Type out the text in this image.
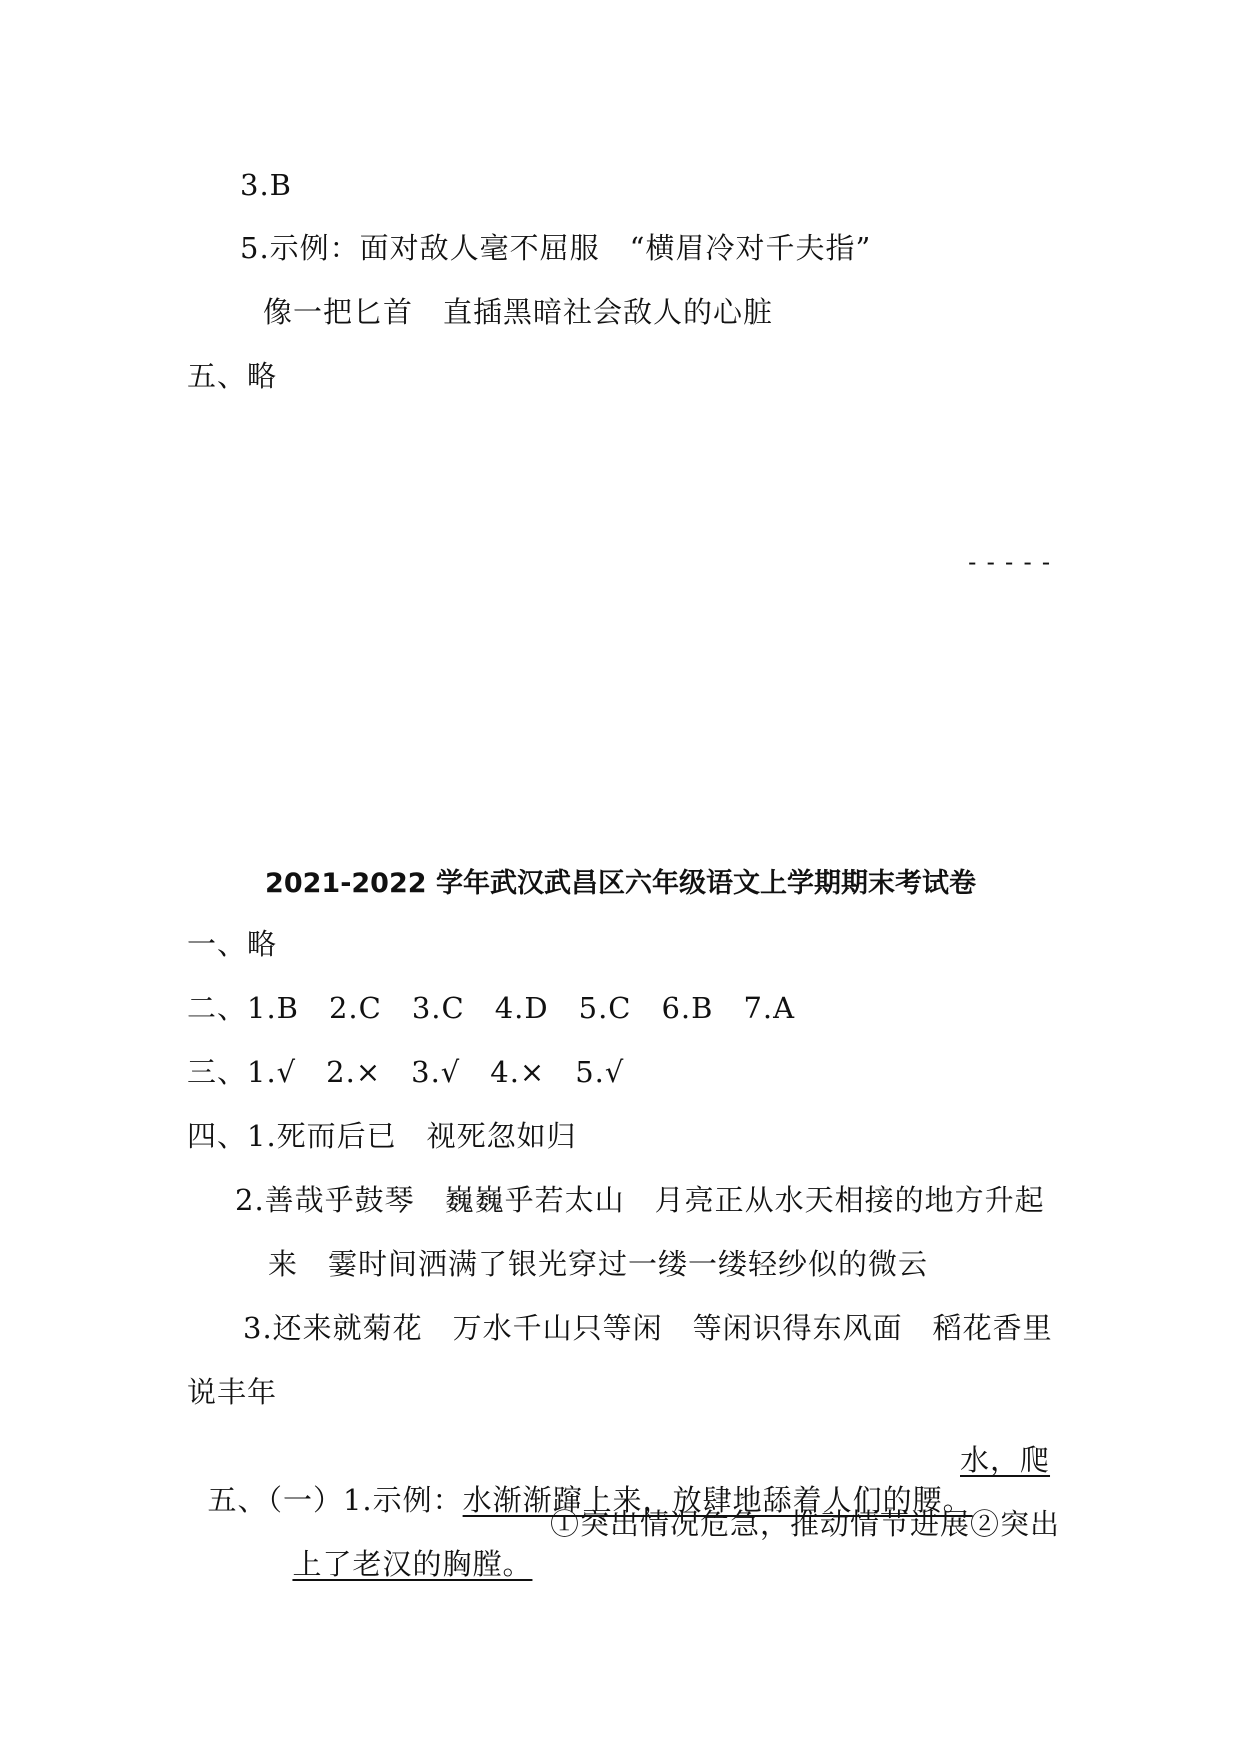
3.B
5.示例：面对敌人毫不屈服　“横眉冷对千夫指”
像一把匕首　直插黑暗社会敌人的心脏
五、略
-----
2021-2022 学年武汉武昌区六年级语文上学期期末考试卷
一、略
二、1.B　2.C　3.C　4.D　5.C　6.B　7.A
三、1.√　2.×　3.√　4.×　5.√
四、1.死而后已　视死忽如归
2.善哉乎鼓琴　巍巍乎若太山　月亮正从水天相接的地方升起
来　霎时间洒满了银光穿过一缕一缕轻纱似的微云
3.还来就菊花　万水千山只等闲　等闲识得东风面　稻花香里
说丰年

五、（一）1.示例：水渐渐蹿上来，放肆地舔着人们的腰。

水，爬

上了老汉的胸膛。

①突出情况危急，推动情节进展②突出
